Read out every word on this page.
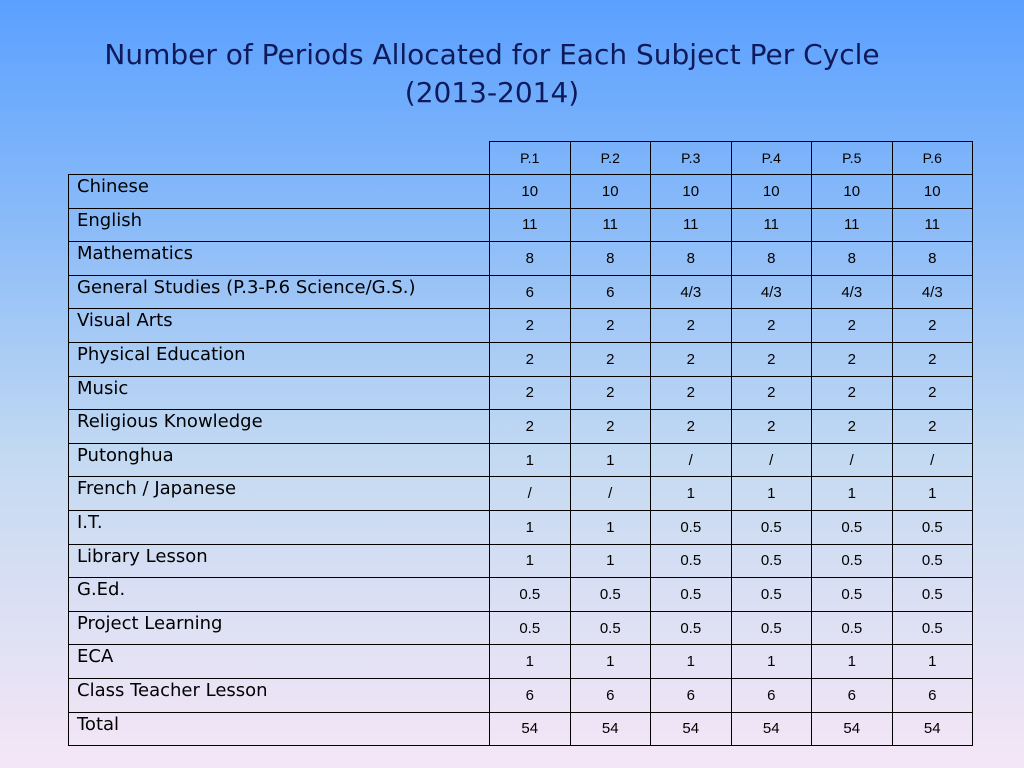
Number of Periods Allocated for Each Subject Per Cycle
(2013-2014)
	P.1	P.2	P.3	P.4	P.5	P.6
Chinese	10	10	10	10	10	10
English	11	11	11	11	11	11
Mathematics	8	8	8	8	8	8
General Studies (P.3-P.6 Science/G.S.)	6	6	4/3	4/3	4/3	4/3
Visual Arts	2	2	2	2	2	2
Physical Education	2	2	2	2	2	2
Music	2	2	2	2	2	2
Religious Knowledge	2	2	2	2	2	2
Putonghua	1	1	/	/	/	/
French / Japanese	/	/	1	1	1	1
I.T.	1	1	0.5	0.5	0.5	0.5
Library Lesson	1	1	0.5	0.5	0.5	0.5
G.Ed.	0.5	0.5	0.5	0.5	0.5	0.5
Project Learning	0.5	0.5	0.5	0.5	0.5	0.5
ECA	1	1	1	1	1	1
Class Teacher Lesson	6	6	6	6	6	6
Total	54	54	54	54	54	54
